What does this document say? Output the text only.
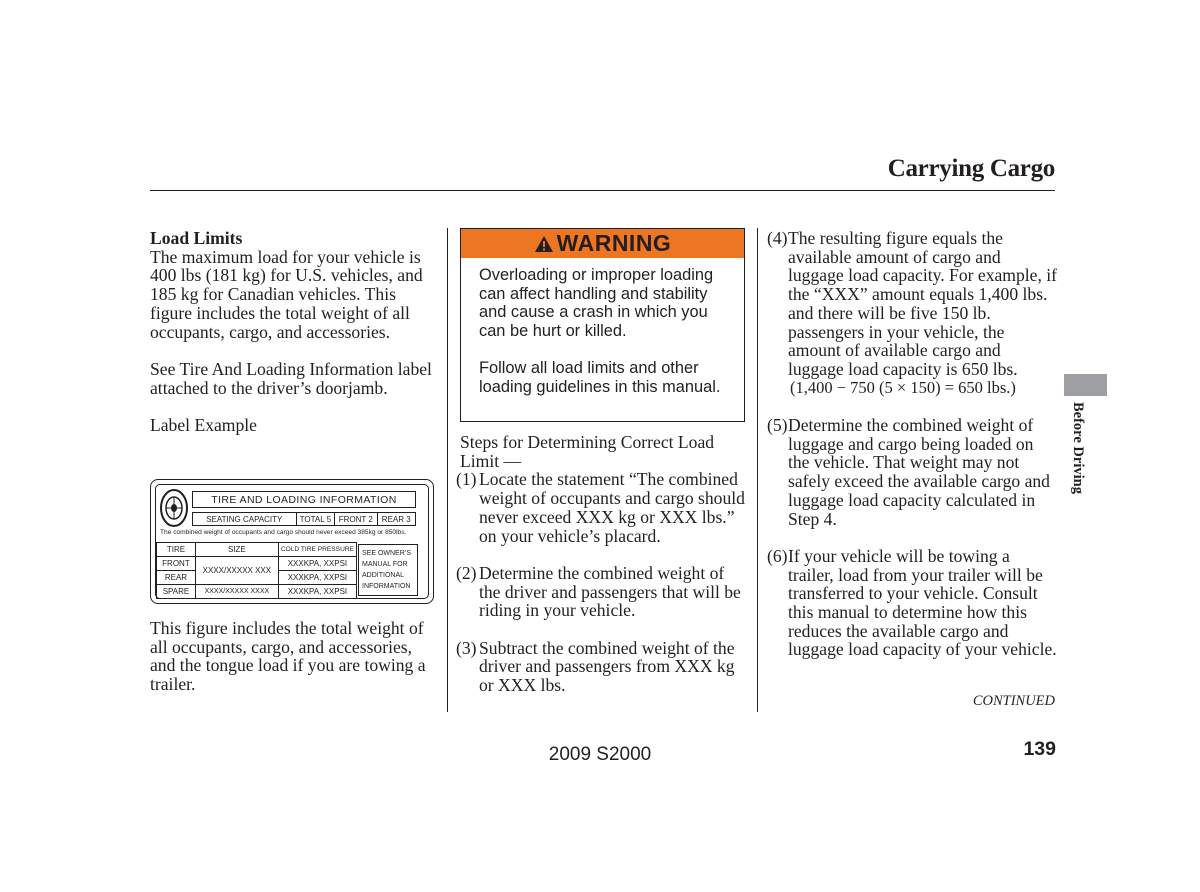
Carrying Cargo

Load Limits

The maximum load for your vehicle is 400 lbs (181 kg) for U.S. vehicles, and 185 kg for Canadian vehicles. This figure includes the total weight of all occupants, cargo, and accessories.

See Tire And Loading Information label attached to the driver’s doorjamb.

Label Example

TIRE AND LOADING INFORMATION
SEATING CAPACITY	TOTAL 5 FRONT 2	REAR 3
The combined weight of occupants and cargo should never exceed 385kg or 850lbs.
TIRE	SIZE	COLD TIRE PRESSURE
FRONT	XXXX/XXXXX XXX	XXXKPA, XXPSI
REAR		XXXKPA, XXPSI
SPARE	XXXX/XXXXX XXXX	XXXKPA, XXPSI
SEE OWNER’S
MANUAL FOR
ADDITIONAL
INFORMATION
This figure includes the total weight of all occupants, cargo, and accessories, and the tongue load if you are towing a trailer.
WARNING

Overloading or improper loading can affect handling and stability and cause a crash in which you can be hurt or killed.

Follow all load limits and other loading guidelines in this manual.

Steps for Determining Correct Load Limit —

(1) Locate the statement “The combined weight of occupants and cargo should never exceed XXX kg or XXX lbs.” on your vehicle’s placard.
(2) Determine the combined weight of the driver and passengers that will be riding in your vehicle.
(3) Subtract the combined weight of the driver and passengers from XXX kg or XXX lbs.
(4) The resulting figure equals the available amount of cargo and luggage load capacity. For example, if the “XXX” amount equals 1,400 lbs. and there will be five 150 lb. passengers in your vehicle, the amount of available cargo and luggage load capacity is 650 lbs.

(1,400 − 750 (5 × 150) = 650 lbs.)

(5) Determine the combined weight of luggage and cargo being loaded on the vehicle. That weight may not safely exceed the available cargo and luggage load capacity calculated in Step 4.
(6) If your vehicle will be towing a trailer, load from your trailer will be transferred to your vehicle. Consult this manual to determine how this reduces the available cargo and luggage load capacity of your vehicle.
CONTINUED
Before Driving
2009 S2000	139
